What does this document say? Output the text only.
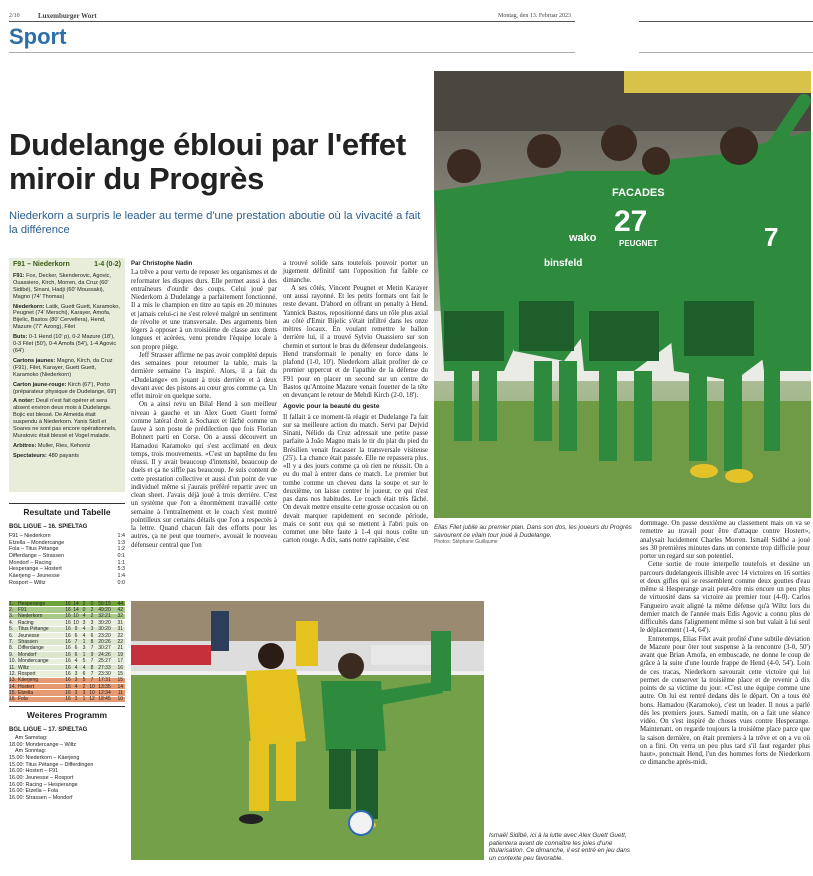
2/10	Luxemburger Wort	Montag, den 13. Februar 2023
Sport
Dudelange ébloui par l'effet miroir du Progrès
Niederkorn a surpris le leader au terme d'une prestation aboutie où la vivacité a fait la différence
F91 – Niederkorn	1-4 (0-2)

F91: Fox, Decker, Skenderovic, Agovic, Ouassiero, Kirch, Morren, da Cruz (60' Sidibé), Sinani, Hadji (60' Moussaki), Magno (74' Thomas)

Niederkorn: Latik, Guett Guett, Karamoko, Peugnet (74' Merschi), Karayer, Amofa, Bijelic, Bastos (80' Cervellera), Hend, Mazure (77' Azong), Filet

Buts: 0-1 Hend (10' p), 0-2 Mazure (18'), 0-3 Filet (50'), 0-4 Amofa (54'), 1-4 Agovic (64')

Cartons jaunes: Magno, Kirch, da Cruz (F91), Filet, Karayer, Guett Guett, Karamoko (Niederkorn)

Carton jaune-rouge: Kirch (67'), Porto (préparateur physique de Dudelange, 69')

A noter: Deuil n'est fait opérer et sera absent environ deux mois à Dudelange. Bojic est blessé. De Almeida était suspendu à Niederkorn. Yanis Stoll et Soares ne sont pas encore opérationnels, Muratovic était blessé et Vogel malade.

Arbitres: Muller, Ries, Kehoniz

Spectateurs: 480 payants

Resultate und Tabelle
BGL LIGUE – 16. SPIELTAG
F91 – Niederkorn	1:4
Etzella – Mondercange	1:3
Fola – Titus Pétange	1:2
Differdange – Strassen	0:1
Mondorf – Racing	1:1
Hesperange – Hostert	5:3
Käerjeng – Jeunesse	1:4
Rosport – Wiltz	0:0
1. Hesperange	16 14 2	0 56:15	44
2. F91	16 14 0	2 49:20	42
3. Niederkorn	16 10 4	2 32:21	32
4. Racing	16 10 3	3 30:20	31
5. Titus Pétange	16 9	4	3 30:20	31
6. Jeunesse	16 6	4	6 23:20	22
7. Strassen	16 7	1	8 20:26	22
8. Differdange	16 6	3	7 30:27	21
9. Mondorf	16 6	1	9 24:26	19
10. Mondercange	16 4	5	7 25:27	17
11. Wiltz	16 4	4	8 27:33	16
12. Rosport	16 3	6	7 23:30	15
13. Käerjeng	16 3	5	7 17:31	15
14. Hostert	16 4	2 10 13:35	14
15. Etzella	16 3	3 10 12:34	11
16. Fola	16 3	1 12 18:45	10
Weiteres Programm
BGL LIGUE – 17. SPIELTAG
Am Samstag:
18.00: Mondercange – Wiltz
Am Sonntag:
15.00: Niederkorn – Käerjeng
15.00: Titus Pétange – Differdingen
16.00: Hostert – F91
16.00: Jeunesse – Rosport
16.00: Racing – Hesperange
16.00: Etzella – Fola
16.00: Strassen – Mondorf

Par Christophe Nadin

La trêve a pour vertu de reposer les organismes et de reformater les disques durs. Elle permet aussi à des entraîneurs d'ourdir des coups. Celui joué par Niederkorn à Dudelange a parfaitement fonctionné. Il a mis le champion en titre au tapis en 20 minutes et jamais celui-ci ne s'est relevé malgré un sentiment de révolte et une transversale. Des arguments bien légers à opposer à un troisième de classe aux dents longues et acérées, venu prendre l'équipe locale à son propre piège.

Jeff Strasser affirme ne pas avoir complété depuis des semaines pour retourner la table, mais la dernière semaine l'a inspiré. Alors, il a fait du «Dudelange» en jouant à trois derrière et à deux devant avec des pistons au cœur gros comme ça. Un effet miroir en quelque sorte.

On a ainsi revu un Bilal Hend à son meilleur niveau à gauche et un Alex Guett Guett formé comme latéral droit à Sochaux et lâché comme un fauve à son poste de prédilection que fois Florian Bohnert parti en Corse. On a aussi découvert un Hamadou Karamoko qui s'est acclimaté en deux temps, trois mouvements. «C'est un baptême du feu réussi. Il y avait beaucoup d'intensité, beaucoup de duels et ça ne siffle pas beaucoup. Je suis content de cette prestation collective et aussi d'un point de vue individuel même si j'aurais préféré repartir avec un clean sheet. J'avais déjà joué à trois derrière. C'est un système que l'on a énormément travaillé cette semaine à l'entraînement et le coach s'est montré pointilleux sur certains détails que l'on a respectés à la lettre. Quand chacun fait des efforts pour les autres, ça ne peut que tourner», avouait le nouveau défenseur central que l'on

a trouvé solide sans toutefois pouvoir porter un jugement définitif tant l'opposition fut faible ce dimanche.

A ses côtés, Vincent Peugnet et Metin Karayer ont aussi rayonné. Et les petits formats ont fait le reste devant. D'abord en offrant un penalty à Hend. Yannick Bastos, repositionné dans un rôle plus axial au côté d'Emir Bijelic s'était infiltré dans les onze mètres locaux. En voulant remettre le ballon derrière lui, il a trouvé Sylvio Ouassiero sur son chemin et surtout le bras du défenseur dudelangeois. Hend transformait le penalty en force dans le plafond (1-0, 10'). Niederkorn allait profiter de ce premier uppercut et de l'apathie de la défense du F91 pour en placer un second sur un centre de Bastos qu'Antoine Mazure venait fouetter de la tête en devançant le retour de Mehdi Kirch (2-0, 18').

Agovic pour la beauté du geste

Il fallait à ce moment-là réagir et Dudelange l'a fait sur sa meilleure action du match. Servi par Dejvid Sinani, Nélido da Cruz adressait une petite passe parfaite à João Magno mais le tir du plat du pied du Brésilien venait fracasser la transversale visiteuse (25'). La chance était passée. Elle ne repassera plus. «Il y a des jours comme ça où rien ne réussit. On a eu du mal à entrer dans ce match. Le premier but tombe comme un cheveu dans la soupe et sur le deuxième, on laisse centrer le joueur, ce qui n'est pas dans nos habitudes. Le coach était très fâché. On devait mettre ensuite cette grosse occasion ou on devait marquer rapidement en seconde période, mais ce sont eux qui se mettent à l'abri puis on commet une bête faute à 1-4 qui nous coûte un carton rouge. A dix, sans notre capitaine, c'est

dommage. On passe deuxième au classement mais on va se remettre au travail pour être d'attaque contre Hostert», analysait lucidement Charles Morren. Ismaël Sidibé a joué ses 30 premières minutes dans un contexte trop difficile pour porter un regard sur son potentiel.

Cette sortie de route interpelle toutefois et dessine un parcours dudelangeois illisible avec 14 victoires en 16 sorties et deux gifles qui se ressemblent comme deux gouttes d'eau même si Hesperange avait peut-être mis encore un peu plus de virtuosité dans sa victoire au premier tour (4-0). Carlos Fangueiro avait aligné la même défense qu'à Wiltz lors du dernier match de l'année mais Edis Agovic a connu plus de difficultés dans l'alignement même si son but valait à lui seul le déplacement (1-4, 64').

Entretemps, Elias Filet avait profité d'une subtile déviation de Mazure pour ôter tout suspense à la rencontre (3-0, 50') avant que Brian Amofa, en embuscade, ne donne le coup de grâce à la suite d'une lourde frappe de Hend (4-0, 54'). Loin de ces tracas, Niederkorn savourait cette victoire qui lui permet de conserver la troisième place et de revenir à dix points de sa victime du jour. «C'est une équipe comme une autre. On lui est rentré dedans dès le départ. On a tous été bons. Hamadou (Karamoko), c'est un leader. Il nous a parlé dès les premiers jours. Samedi matin, on a fait une séance vidéo. On s'est inspiré de choses vues contre Hesperange. Maintenant, on regarde toujours la troisième place parce que la saison dernière, on était premiers à la trêve et on a vu où on a fini. On verra un peu plus tard s'il faut regarder plus haut», ponctuait Hend, l'un des hommes forts de Niederkorn ce dimanche après-midi.

FACADES
wako
binsfeld
PEUGNET
27	7
Elias Filet jubile au premier plan. Dans son dos, les joueurs du Progrès savourent ce vilain tour joué à Dudelange.
Photos: Stéphane Guillaume
Ismaël Sidibé, ici à la lutte avec Alex Guett Guett, patientera avant de connaître les joies d'une titularisation. Ce dimanche, il est entré en jeu dans un contexte peu favorable.
